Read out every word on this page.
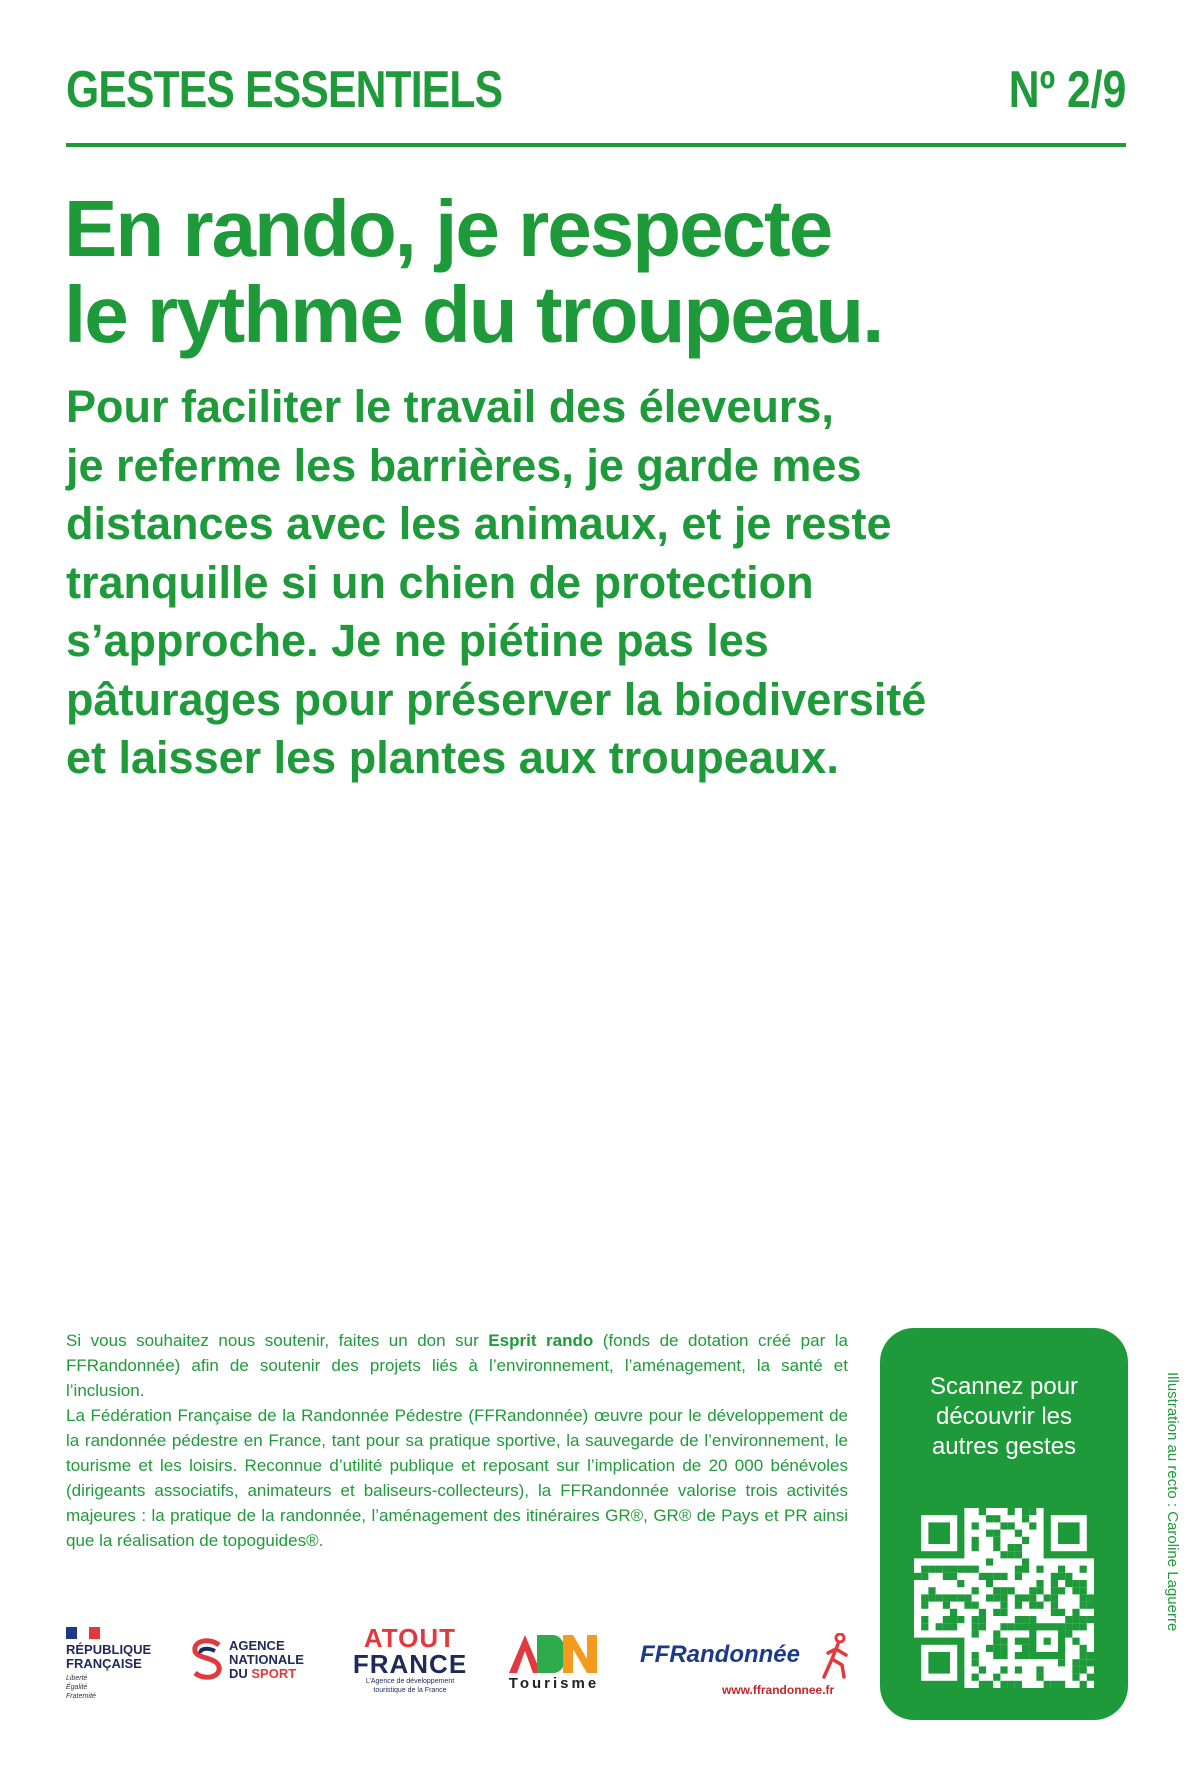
GESTES ESSENTIELS	Nº 2/9
En rando, je respecte
le rythme du troupeau.
Pour faciliter le travail des éleveurs,
je referme les barrières, je garde mes
distances avec les animaux, et je reste
tranquille si un chien de protection
s’approche. Je ne piétine pas les
pâturages pour préserver la biodiversité
et laisser les plantes aux troupeaux.

Si vous souhaitez nous soutenir, faites un don sur Esprit rando (fonds de dotation créé par la FFRandonnée) afin de soutenir des projets liés à l’environnement, l’aménagement, la santé et l’inclusion.

La Fédération Française de la Randonnée Pédestre (FFRandonnée) œuvre pour le développement de la randonnée pédestre en France, tant pour sa pratique sportive, la sauvegarde de l’environnement, le tourisme et les loisirs. Reconnue d’utilité publique et reposant sur l’implication de 20 000 bénévoles (dirigeants associatifs, animateurs et baliseurs-collecteurs), la FFRandonnée valorise trois activités majeures : la pratique de la randonnée, l’aménagement des itinéraires GR®, GR® de Pays et PR ainsi que la réalisation de topoguides®.

Scannez pour
découvrir les
autres gestes	Illustration au recto : Caroline Laguerre
RÉPUBLIQUE
FRANÇAISE
Liberté
Égalité
Fraternité
AGENCE
NATIONALE
DU SPORT
ATOUT
FRANCE
L’Agence de développement
touristique de la France	Tourisme
FFRandonnée
www.ffrandonnee.fr
